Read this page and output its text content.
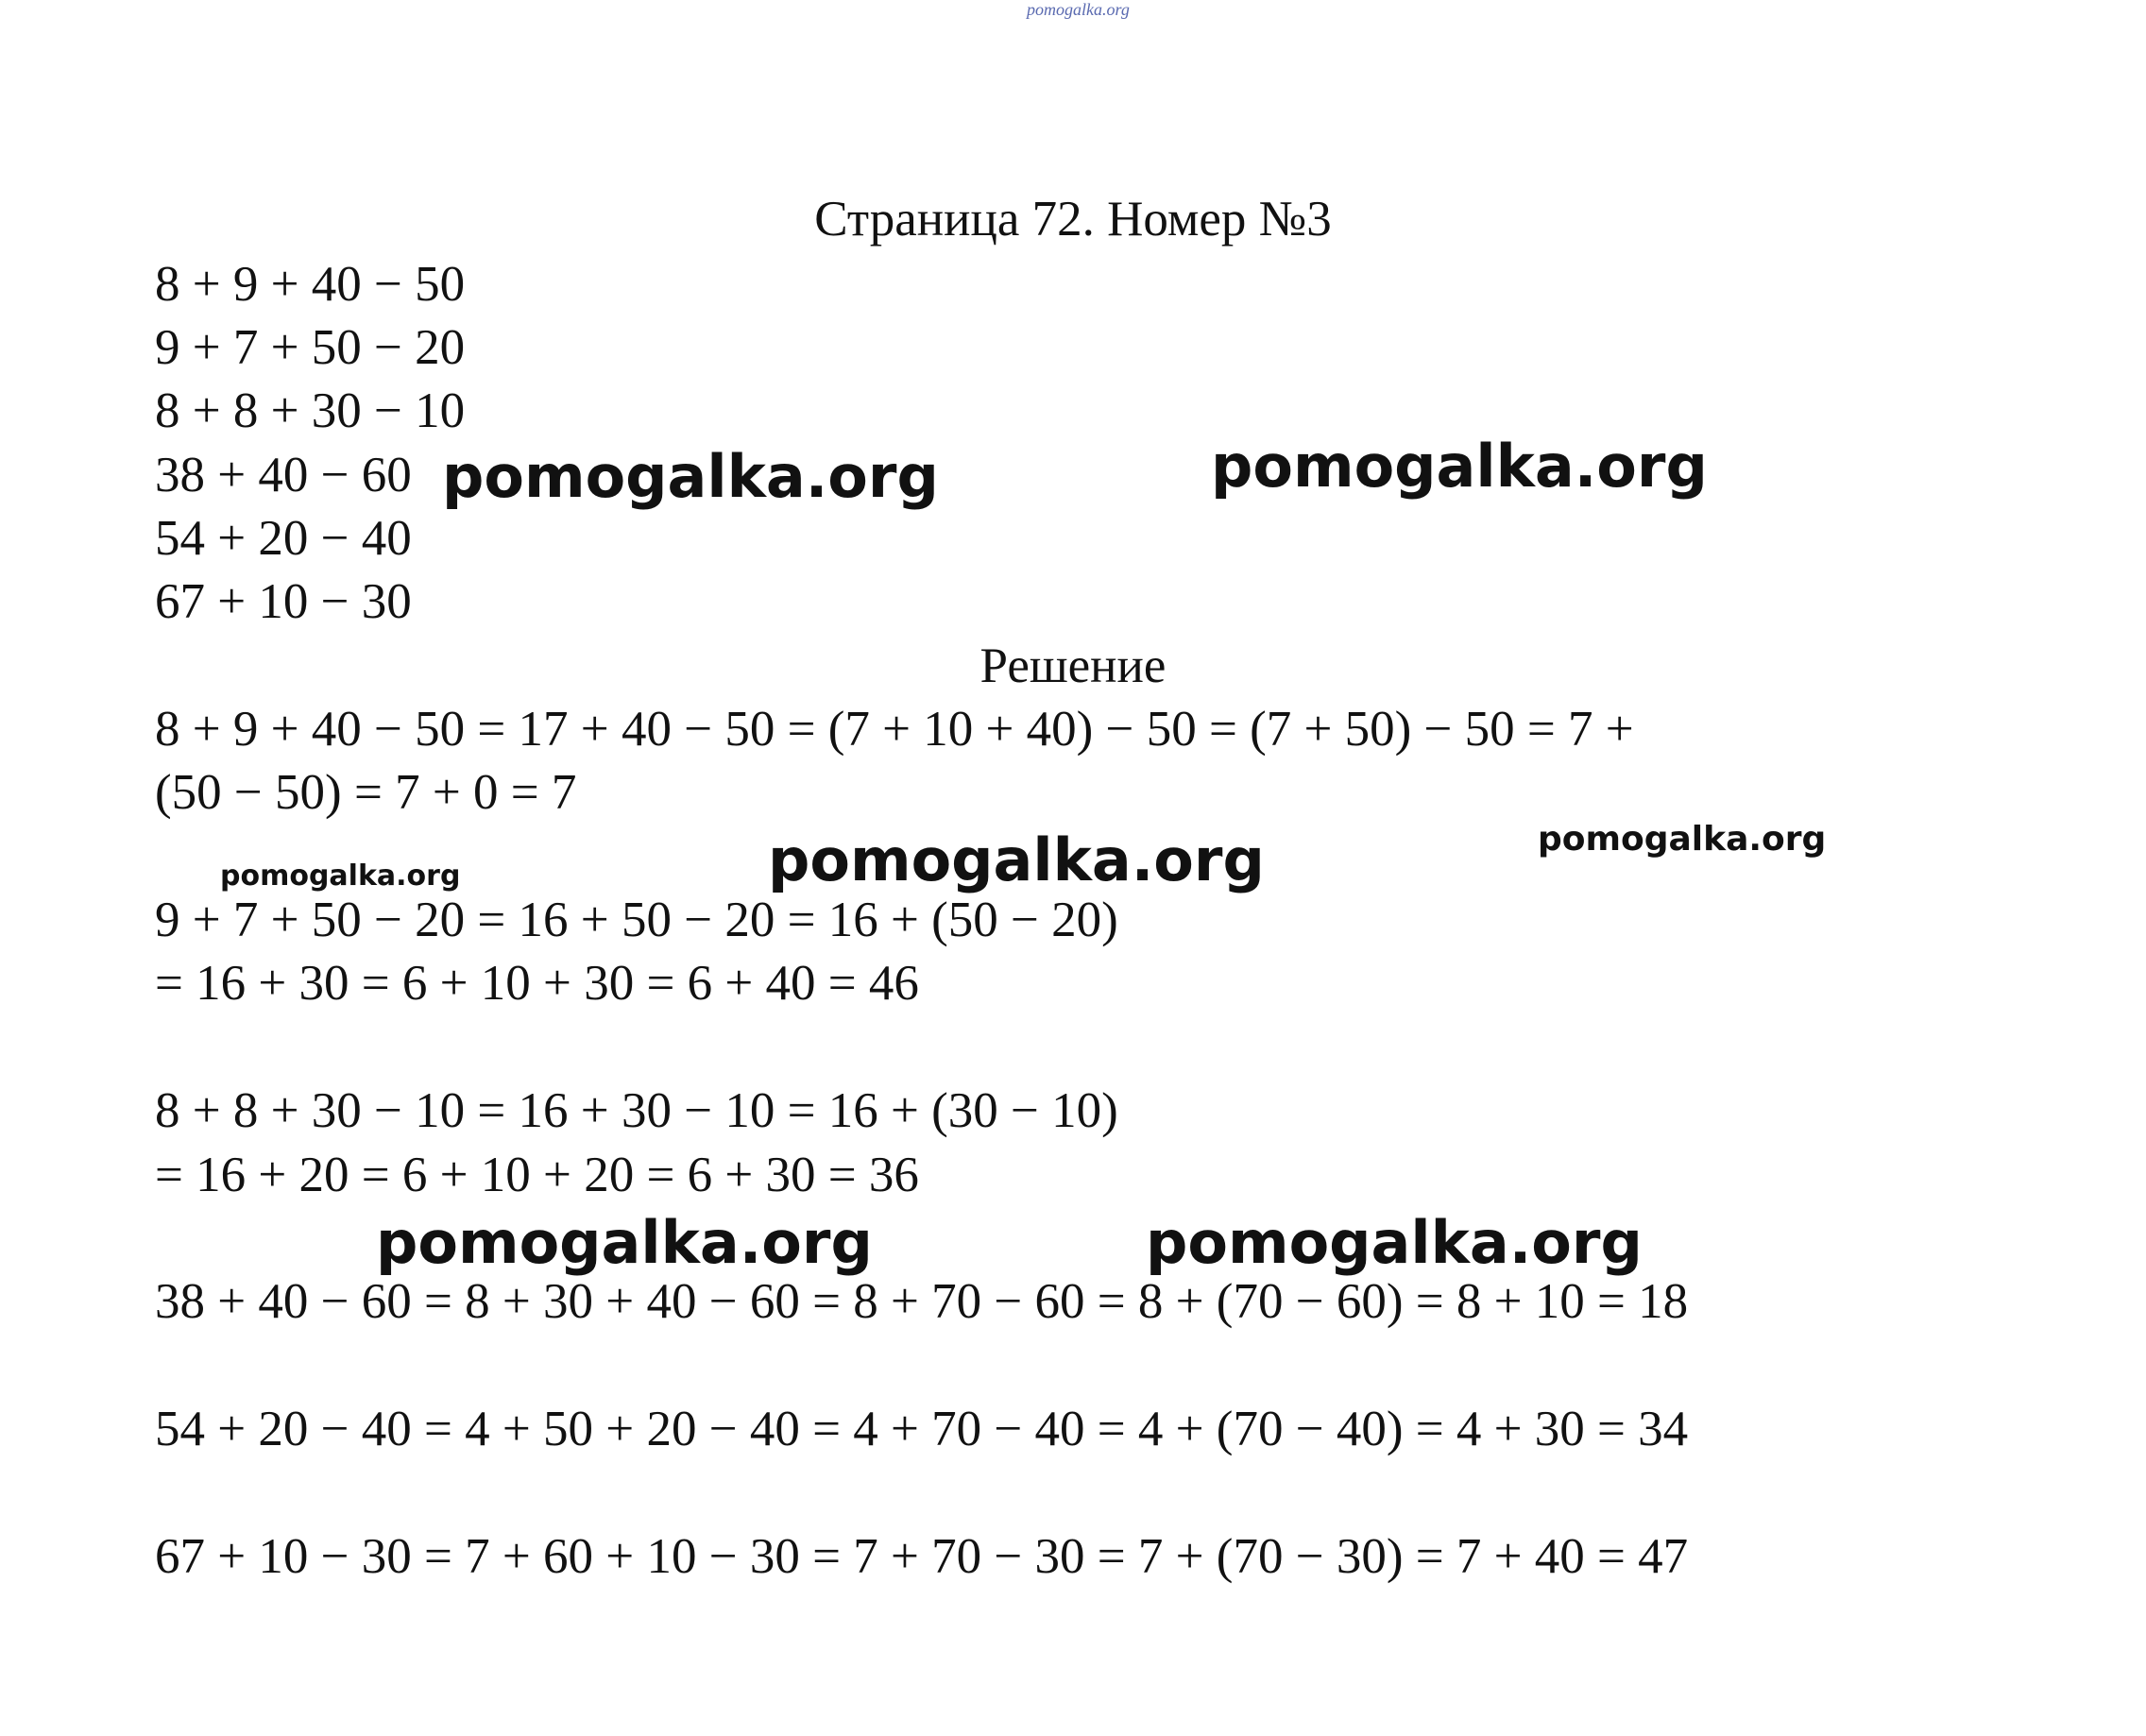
pomogalka.org
Страница 72. Номер №3
8 + 9 + 40 − 50
9 + 7 + 50 − 20
8 + 8 + 30 − 10
38 + 40 − 60
54 + 20 − 40
67 + 10 − 30
Решение
8 + 9 + 40 − 50 = 17 + 40 − 50 = (7 + 10 + 40) − 50 = (7 + 50) − 50 = 7 +
(50 − 50) = 7 + 0 = 7
9 + 7 + 50 − 20 = 16 + 50 − 20 = 16 + (50 − 20)
= 16 + 30 = 6 + 10 + 30 = 6 + 40 = 46
8 + 8 + 30 − 10 = 16 + 30 − 10 = 16 + (30 − 10)
= 16 + 20 = 6 + 10 + 20 = 6 + 30 = 36
38 + 40 − 60 = 8 + 30 + 40 − 60 = 8 + 70 − 60 = 8 + (70 − 60) = 8 + 10 = 18
54 + 20 − 40 = 4 + 50 + 20 − 40 = 4 + 70 − 40 = 4 + (70 − 40) = 4 + 30 = 34
67 + 10 − 30 = 7 + 60 + 10 − 30 = 7 + 70 − 30 = 7 + (70 − 30) = 7 + 40 = 47
pomogalka.org	pomogalka.org
pomogalka.org	pomogalka.org
pomogalka.org
pomogalka.org	pomogalka.org
